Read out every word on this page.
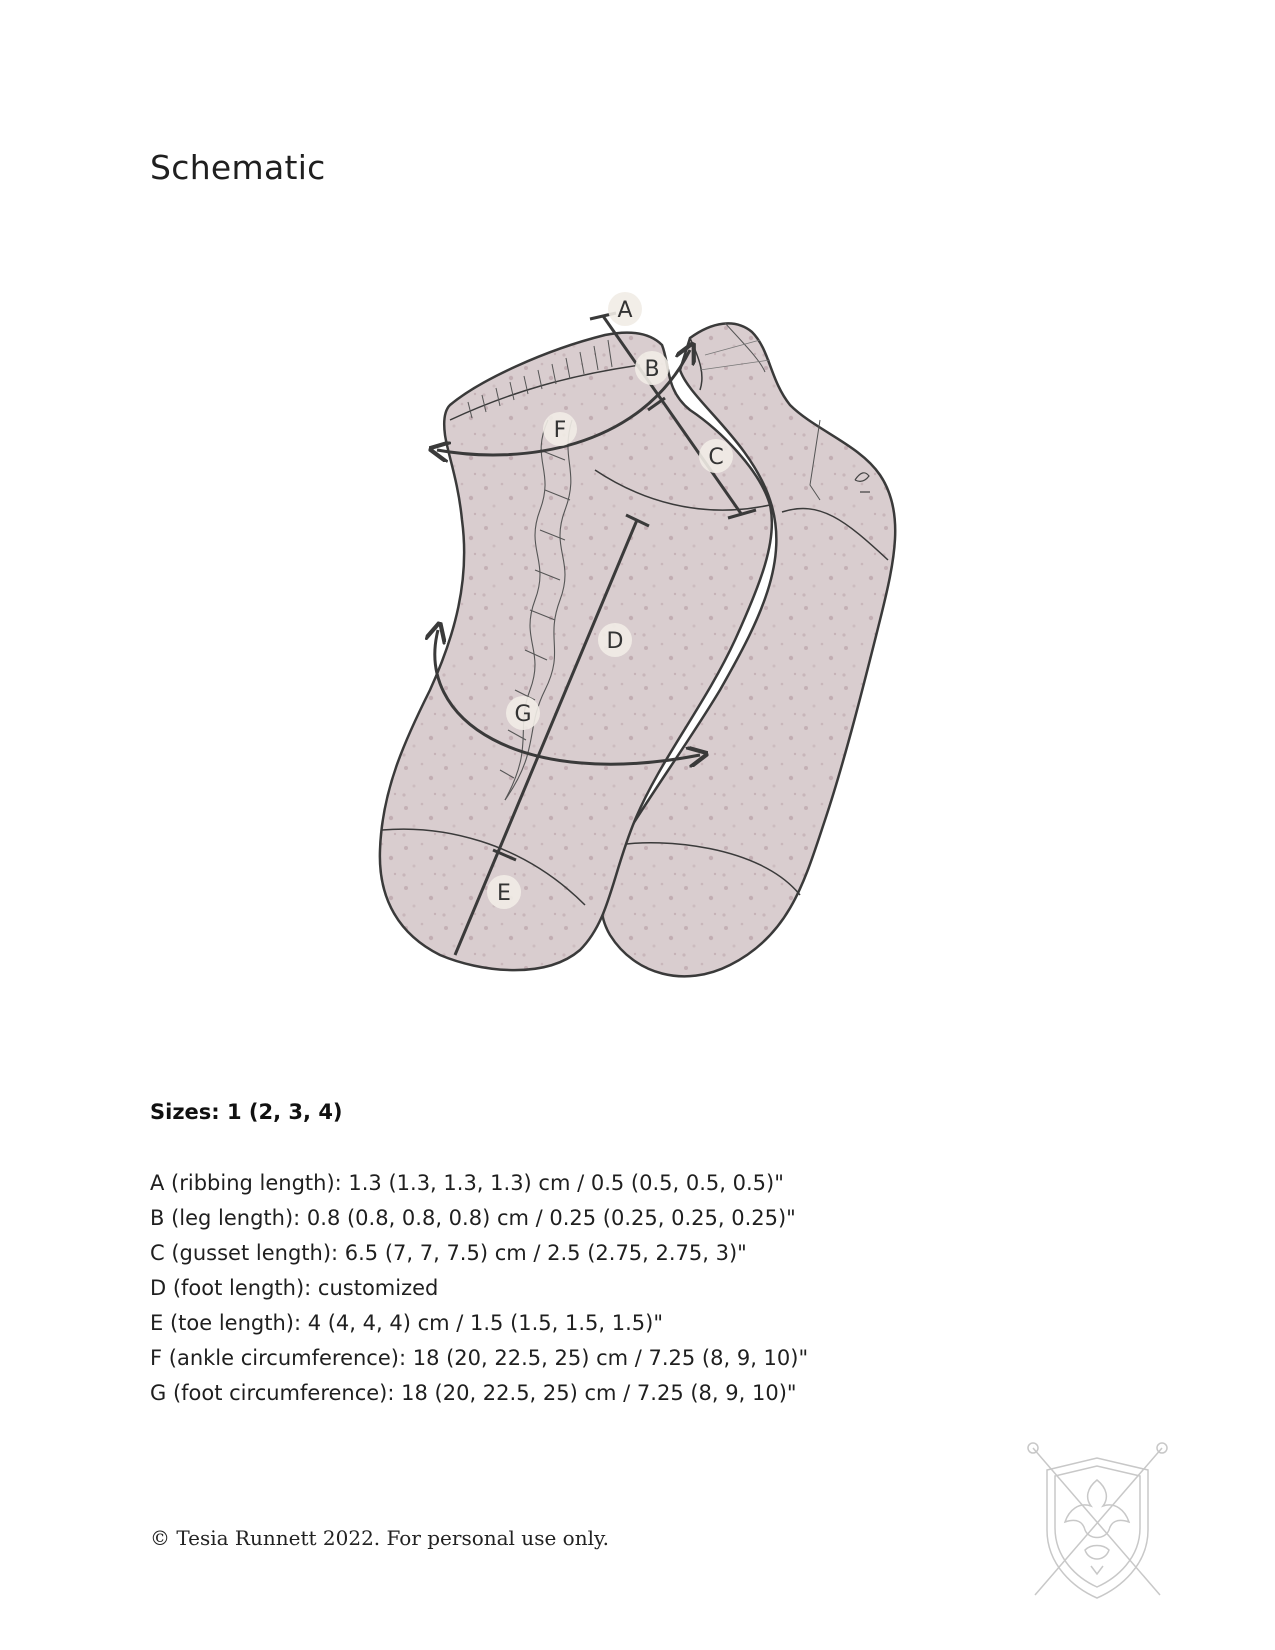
Schematic
A
B
C
D
E
F
G
Sizes: 1 (2, 3, 4)
A (ribbing length): 1.3 (1.3, 1.3, 1.3) cm / 0.5 (0.5, 0.5, 0.5)"
B (leg length): 0.8 (0.8, 0.8, 0.8) cm / 0.25 (0.25, 0.25, 0.25)"
C (gusset length): 6.5 (7, 7, 7.5) cm / 2.5 (2.75, 2.75, 3)"
D (foot length): customized
E (toe length): 4 (4, 4, 4) cm / 1.5 (1.5, 1.5, 1.5)"
F (ankle circumference): 18 (20, 22.5, 25) cm / 7.25 (8, 9, 10)"
G (foot circumference): 18 (20, 22.5, 25) cm / 7.25 (8, 9, 10)"

© Tesia Runnett 2022. For personal use only.
